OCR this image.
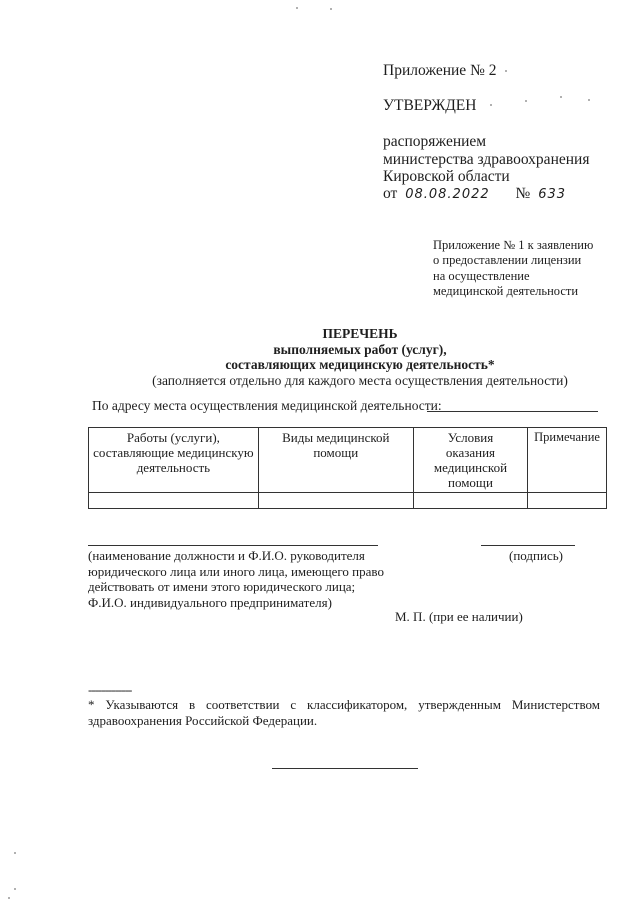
Приложение № 2
УТВЕРЖДЕН
распоряжением
министерства здравоохранения
Кировской области
от 08.08.2022 № 633
Приложение № 1 к заявлению
о предоставлении лицензии
на осуществление
медицинской деятельности
ПЕРЕЧЕНЬ
выполняемых работ (услуг),
составляющих медицинскую деятельность*
(заполняется отдельно для каждого места осуществления деятельности)
По адресу места осуществления медицинской деятельности:
Работы (услуги), составляющие медицинскую деятельность	Виды медицинской помощи	Условия оказания медицинской помощи	Примечание

(наименование должности и Ф.И.О. руководителя
юридического лица или иного лица, имеющего право
действовать от имени этого юридического лица;
Ф.И.О. индивидуального предпринимателя)
(подпись)
М. П. (при ее наличии)
-------------
* Указываются в соответствии с классификатором, утвержденным Министерством здравоохранения Российской Федерации.
